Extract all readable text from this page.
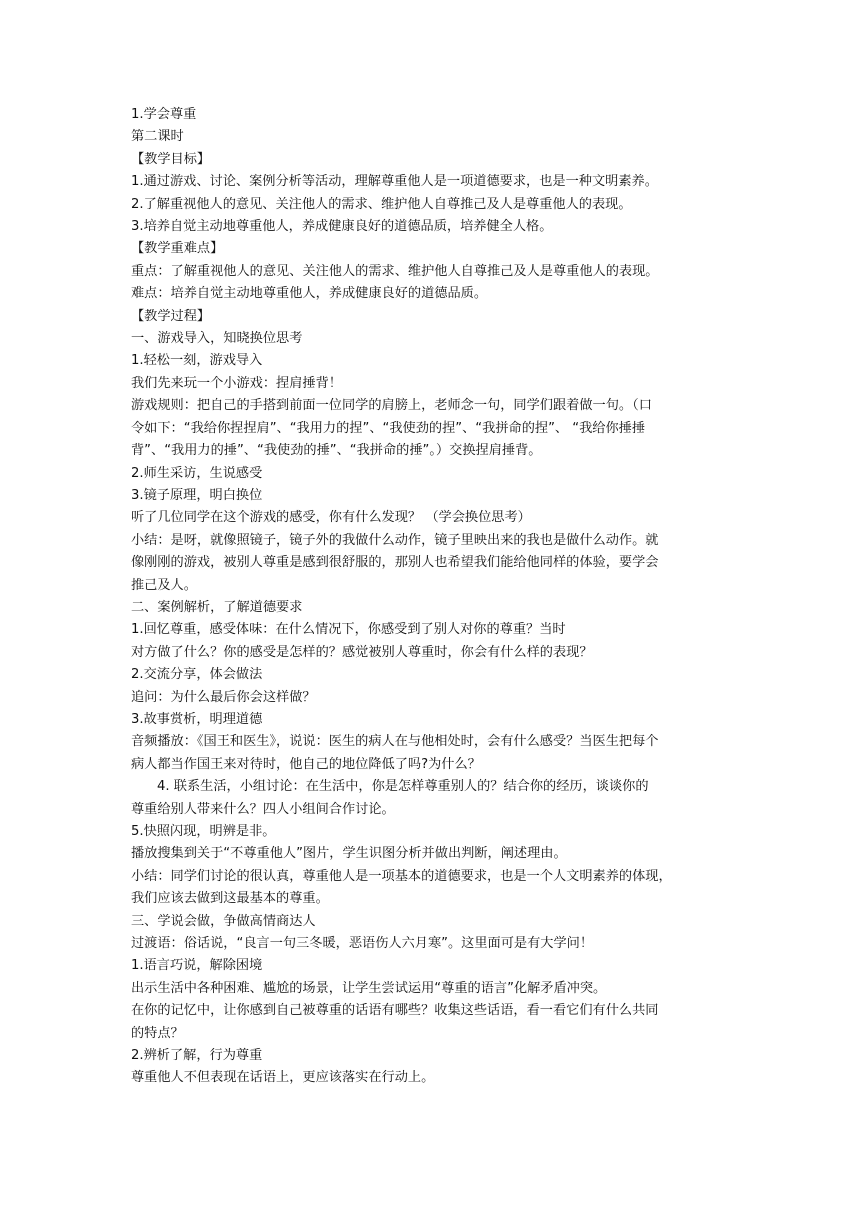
1.学会尊重

第二课时

【教学目标】

1.通过游戏、讨论、案例分析等活动，理解尊重他人是一项道德要求，也是一种文明素养。

2.了解重视他人的意见、关注他人的需求、维护他人自尊推己及人是尊重他人的表现。

3.培养自觉主动地尊重他人，养成健康良好的道德品质，培养健全人格。

【教学重难点】

重点：了解重视他人的意见、关注他人的需求、维护他人自尊推己及人是尊重他人的表现。

难点：培养自觉主动地尊重他人，养成健康良好的道德品质。

【教学过程】

一、游戏导入，知晓换位思考

1.轻松一刻，游戏导入

我们先来玩一个小游戏：捏肩捶背！

游戏规则：把自己的手搭到前面一位同学的肩膀上，老师念一句，同学们跟着做一句。（口

令如下：“我给你捏捏肩”、“我用力的捏”、“我使劲的捏”、“我拼命的捏”、 “我给你捶捶

背”、“我用力的捶”、“我使劲的捶”、“我拼命的捶”。）交换捏肩捶背。

2.师生采访，生说感受

3.镜子原理，明白换位

听了几位同学在这个游戏的感受，你有什么发现？ （学会换位思考）

小结：是呀，就像照镜子，镜子外的我做什么动作，镜子里映出来的我也是做什么动作。就

像刚刚的游戏，被别人尊重是感到很舒服的，那别人也希望我们能给他同样的体验，要学会

推己及人。

二、案例解析，了解道德要求

1.回忆尊重，感受体味：在什么情况下，你感受到了别人对你的尊重？当时

对方做了什么？你的感受是怎样的？感觉被别人尊重时，你会有什么样的表现？

2.交流分享，体会做法

追问：为什么最后你会这样做？

3.故事赏析，明理道德

音频播放：《国王和医生》，说说：医生的病人在与他相处时，会有什么感受？当医生把每个

病人都当作国王来对待时，他自己的地位降低了吗?为什么？

4. 联系生活，小组讨论：在生活中，你是怎样尊重别人的？结合你的经历，谈谈你的

尊重给别人带来什么？四人小组间合作讨论。

5.快照闪现，明辨是非。

播放搜集到关于“不尊重他人”图片，学生识图分析并做出判断，阐述理由。

小结：同学们讨论的很认真，尊重他人是一项基本的道德要求，也是一个人文明素养的体现，

我们应该去做到这最基本的尊重。

三、学说会做，争做高情商达人

过渡语：俗话说，“良言一句三冬暖，恶语伤人六月寒”。这里面可是有大学问！

1.语言巧说，解除困境

出示生活中各种困难、尴尬的场景，让学生尝试运用“尊重的语言”化解矛盾冲突。

在你的记忆中，让你感到自己被尊重的话语有哪些？收集这些话语，看一看它们有什么共同

的特点？

2.辨析了解，行为尊重

尊重他人不但表现在话语上，更应该落实在行动上。
